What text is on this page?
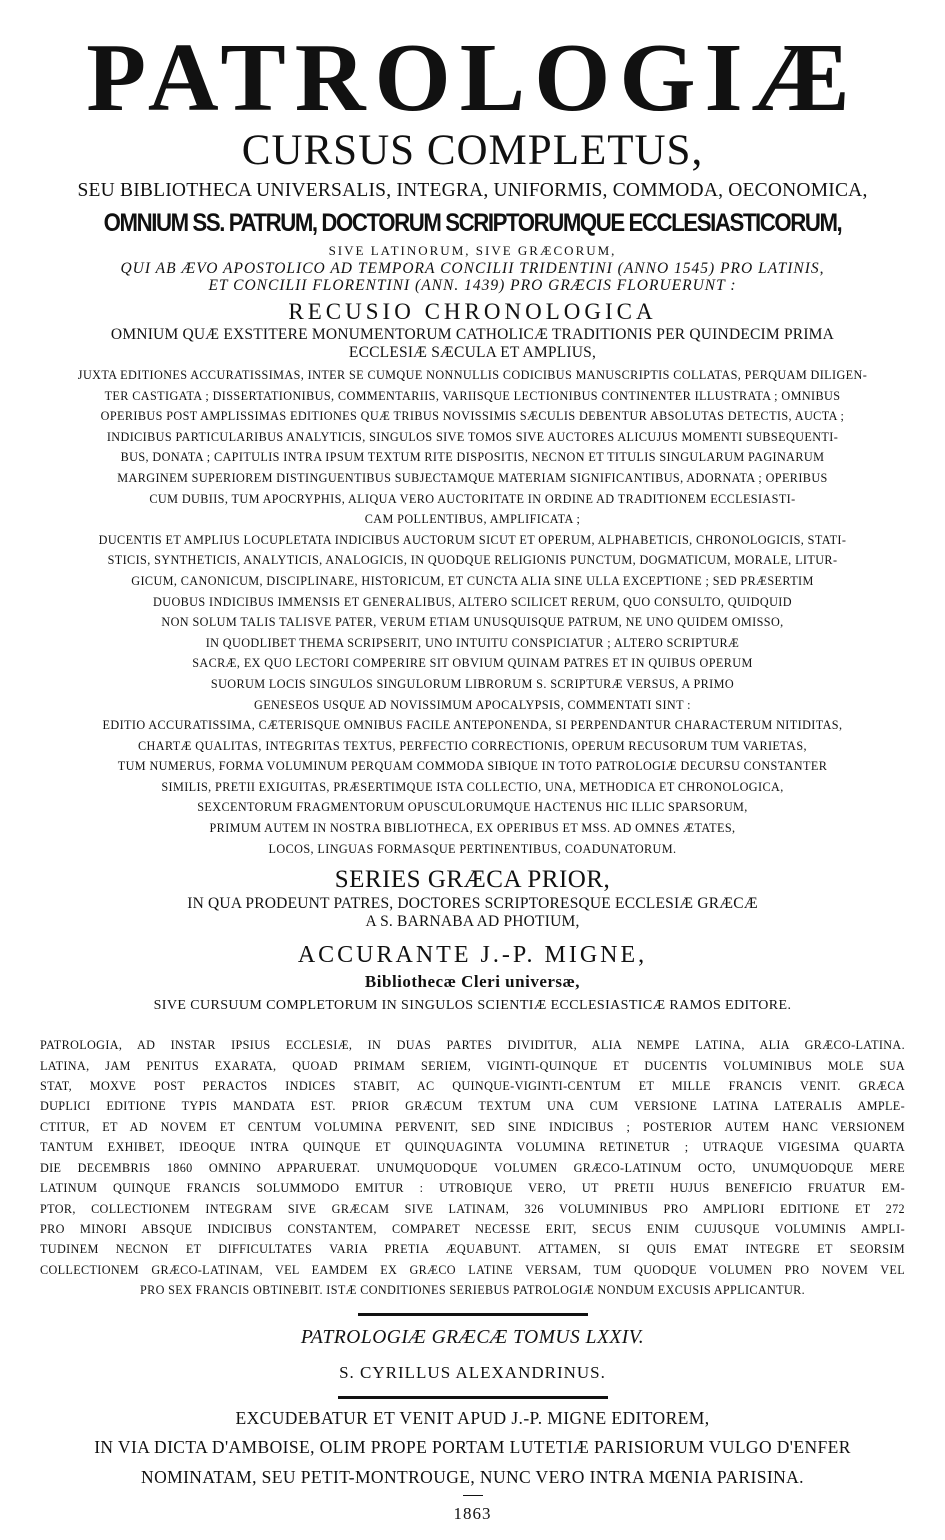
PATROLOGIÆ
CURSUS COMPLETUS,
SEU BIBLIOTHECA UNIVERSALIS, INTEGRA, UNIFORMIS, COMMODA, OECONOMICA,
OMNIUM SS. PATRUM, DOCTORUM SCRIPTORUMQUE ECCLESIASTICORUM,
SIVE LATINORUM, SIVE GRÆCORUM,
QUI AB ÆVO APOSTOLICO AD TEMPORA CONCILII TRIDENTINI (ANNO 1545) PRO LATINIS,
ET CONCILII FLORENTINI (ANN. 1439) PRO GRÆCIS FLORUERUNT :
RECUSIO CHRONOLOGICA
OMNIUM QUÆ EXSTITERE MONUMENTORUM CATHOLICÆ TRADITIONIS PER QUINDECIM PRIMA
ECCLESIÆ SÆCULA ET AMPLIUS,
JUXTA EDITIONES ACCURATISSIMAS, INTER SE CUMQUE NONNULLIS CODICIBUS MANUSCRIPTIS COLLATAS, PERQUAM DILIGEN-
TER CASTIGATA ; DISSERTATIONIBUS, COMMENTARIIS, VARIISQUE LECTIONIBUS CONTINENTER ILLUSTRATA ; OMNIBUS
OPERIBUS POST AMPLISSIMAS EDITIONES QUÆ TRIBUS NOVISSIMIS SÆCULIS DEBENTUR ABSOLUTAS DETECTIS, AUCTA ;
INDICIBUS PARTICULARIBUS ANALYTICIS, SINGULOS SIVE TOMOS SIVE AUCTORES ALICUJUS MOMENTI SUBSEQUENTI-
BUS, DONATA ; CAPITULIS INTRA IPSUM TEXTUM RITE DISPOSITIS, NECNON ET TITULIS SINGULARUM PAGINARUM
MARGINEM SUPERIOREM DISTINGUENTIBUS SUBJECTAMQUE MATERIAM SIGNIFICANTIBUS, ADORNATA ; OPERIBUS
CUM DUBIIS, TUM APOCRYPHIS, ALIQUA VERO AUCTORITATE IN ORDINE AD TRADITIONEM ECCLESIASTI-
CAM POLLENTIBUS, AMPLIFICATA ;
DUCENTIS ET AMPLIUS LOCUPLETATA INDICIBUS AUCTORUM SICUT ET OPERUM, ALPHABETICIS, CHRONOLOGICIS, STATI-
STICIS, SYNTHETICIS, ANALYTICIS, ANALOGICIS, IN QUODQUE RELIGIONIS PUNCTUM, DOGMATICUM, MORALE, LITUR-
GICUM, CANONICUM, DISCIPLINARE, HISTORICUM, ET CUNCTA ALIA SINE ULLA EXCEPTIONE ; SED PRÆSERTIM
DUOBUS INDICIBUS IMMENSIS ET GENERALIBUS, ALTERO SCILICET RERUM, QUO CONSULTO, QUIDQUID
NON SOLUM TALIS TALISVE PATER, VERUM ETIAM UNUSQUISQUE PATRUM, NE UNO QUIDEM OMISSO,
IN QUODLIBET THEMA SCRIPSERIT, UNO INTUITU CONSPICIATUR ; ALTERO SCRIPTURÆ
SACRÆ, EX QUO LECTORI COMPERIRE SIT OBVIUM QUINAM PATRES ET IN QUIBUS OPERUM
SUORUM LOCIS SINGULOS SINGULORUM LIBRORUM S. SCRIPTURÆ VERSUS, A PRIMO
GENESEOS USQUE AD NOVISSIMUM APOCALYPSIS, COMMENTATI SINT :
EDITIO ACCURATISSIMA, CÆTERISQUE OMNIBUS FACILE ANTEPONENDA, SI PERPENDANTUR CHARACTERUM NITIDITAS,
CHARTÆ QUALITAS, INTEGRITAS TEXTUS, PERFECTIO CORRECTIONIS, OPERUM RECUSORUM TUM VARIETAS,
TUM NUMERUS, FORMA VOLUMINUM PERQUAM COMMODA SIBIQUE IN TOTO PATROLOGIÆ DECURSU CONSTANTER
SIMILIS, PRETII EXIGUITAS, PRÆSERTIMQUE ISTA COLLECTIO, UNA, METHODICA ET CHRONOLOGICA,
SEXCENTORUM FRAGMENTORUM OPUSCULORUMQUE HACTENUS HIC ILLIC SPARSORUM,
PRIMUM AUTEM IN NOSTRA BIBLIOTHECA, EX OPERIBUS ET MSS. AD OMNES ÆTATES,
LOCOS, LINGUAS FORMASQUE PERTINENTIBUS, COADUNATORUM.
SERIES GRÆCA PRIOR,
IN QUA PRODEUNT PATRES, DOCTORES SCRIPTORESQUE ECCLESIÆ GRÆCÆ
A S. BARNABA AD PHOTIUM,
ACCURANTE J.-P. MIGNE,
Bibliothecæ Cleri universæ,
SIVE CURSUUM COMPLETORUM IN SINGULOS SCIENTIÆ ECCLESIASTICÆ RAMOS EDITORE.
PATROLOGIA, AD INSTAR IPSIUS ECCLESIÆ, IN DUAS PARTES DIVIDITUR, ALIA NEMPE LATINA, ALIA GRÆCO-LATINA.
LATINA, JAM PENITUS EXARATA, QUOAD PRIMAM SERIEM, VIGINTI-QUINQUE ET DUCENTIS VOLUMINIBUS MOLE SUA
STAT, MOXVE POST PERACTOS INDICES STABIT, AC QUINQUE-VIGINTI-CENTUM ET MILLE FRANCIS VENIT. GRÆCA
DUPLICI EDITIONE TYPIS MANDATA EST. PRIOR GRÆCUM TEXTUM UNA CUM VERSIONE LATINA LATERALIS AMPLE-
CTITUR, ET AD NOVEM ET CENTUM VOLUMINA PERVENIT, SED SINE INDICIBUS ; POSTERIOR AUTEM HANC VERSIONEM
TANTUM EXHIBET, IDEOQUE INTRA QUINQUE ET QUINQUAGINTA VOLUMINA RETINETUR ; UTRAQUE VIGESIMA QUARTA
DIE DECEMBRIS 1860 OMNINO APPARUERAT. UNUMQUODQUE VOLUMEN GRÆCO-LATINUM OCTO, UNUMQUODQUE MERE
LATINUM QUINQUE FRANCIS SOLUMMODO EMITUR : UTROBIQUE VERO, UT PRETII HUJUS BENEFICIO FRUATUR EM-
PTOR, COLLECTIONEM INTEGRAM SIVE GRÆCAM SIVE LATINAM, 326 VOLUMINIBUS PRO AMPLIORI EDITIONE ET 272
PRO MINORI ABSQUE INDICIBUS CONSTANTEM, COMPARET NECESSE ERIT, SECUS ENIM CUJUSQUE VOLUMINIS AMPLI-
TUDINEM NECNON ET DIFFICULTATES VARIA PRETIA ÆQUABUNT. ATTAMEN, SI QUIS EMAT INTEGRE ET SEORSIM
COLLECTIONEM GRÆCO-LATINAM, VEL EAMDEM EX GRÆCO LATINE VERSAM, TUM QUODQUE VOLUMEN PRO NOVEM VEL
PRO SEX FRANCIS OBTINEBIT. ISTÆ CONDITIONES SERIEBUS PATROLOGIÆ NONDUM EXCUSIS APPLICANTUR.
PATROLOGIÆ GRÆCÆ TOMUS LXXIV.
S. CYRILLUS ALEXANDRINUS.
EXCUDEBATUR ET VENIT APUD J.-P. MIGNE EDITOREM,
IN VIA DICTA D'AMBOISE, OLIM PROPE PORTAM LUTETIÆ PARISIORUM VULGO D'ENFER
NOMINATAM, SEU PETIT-MONTROUGE, NUNC VERO INTRA MŒNIA PARISINA.
1863
